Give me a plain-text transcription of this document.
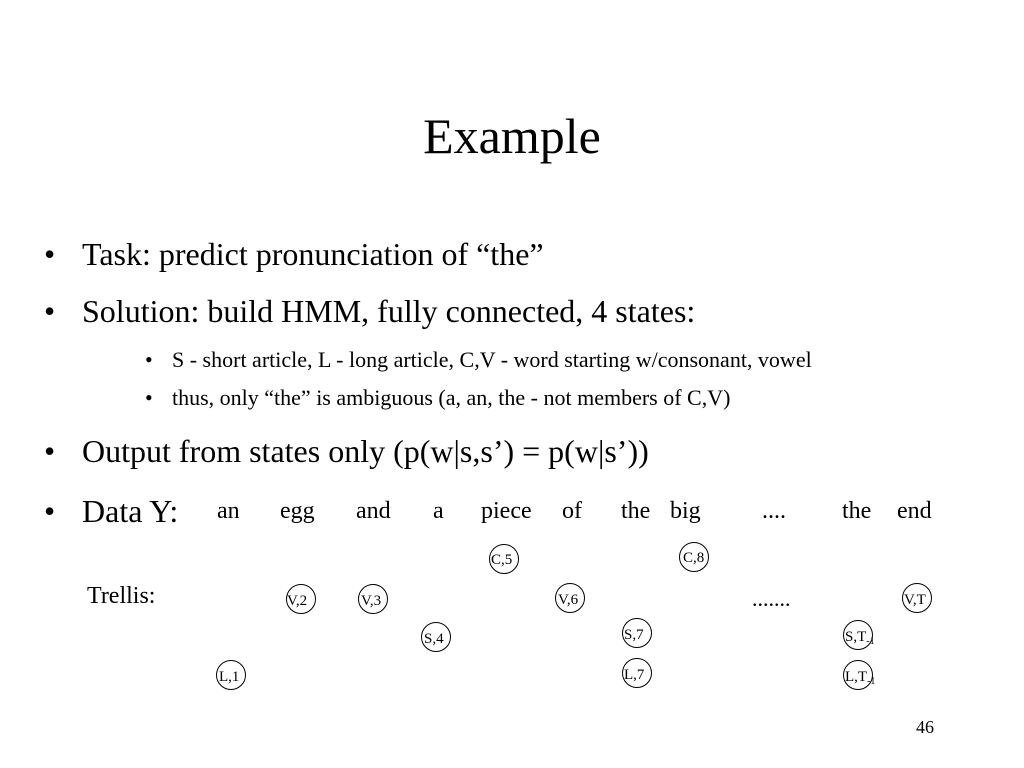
Example
• Task: predict pronunciation of “the”
• Solution: build HMM, fully connected, 4 states:
• S - short article, L - long article, C,V - word starting w/consonant, vowel
• thus, only “the” is ambiguous (a, an, the - not members of C,V)
• Output from states only (p(w|s,s’) = p(w|s’))
• Data Y: an egg and a piece of the big	.... the end
Trellis:
C,5	C,8
V,2	V,3	V,6	V,T
S,4	S,7	$S,T_{-1}$
L,1	L,7	$L,T_{-1}$
.......
46
